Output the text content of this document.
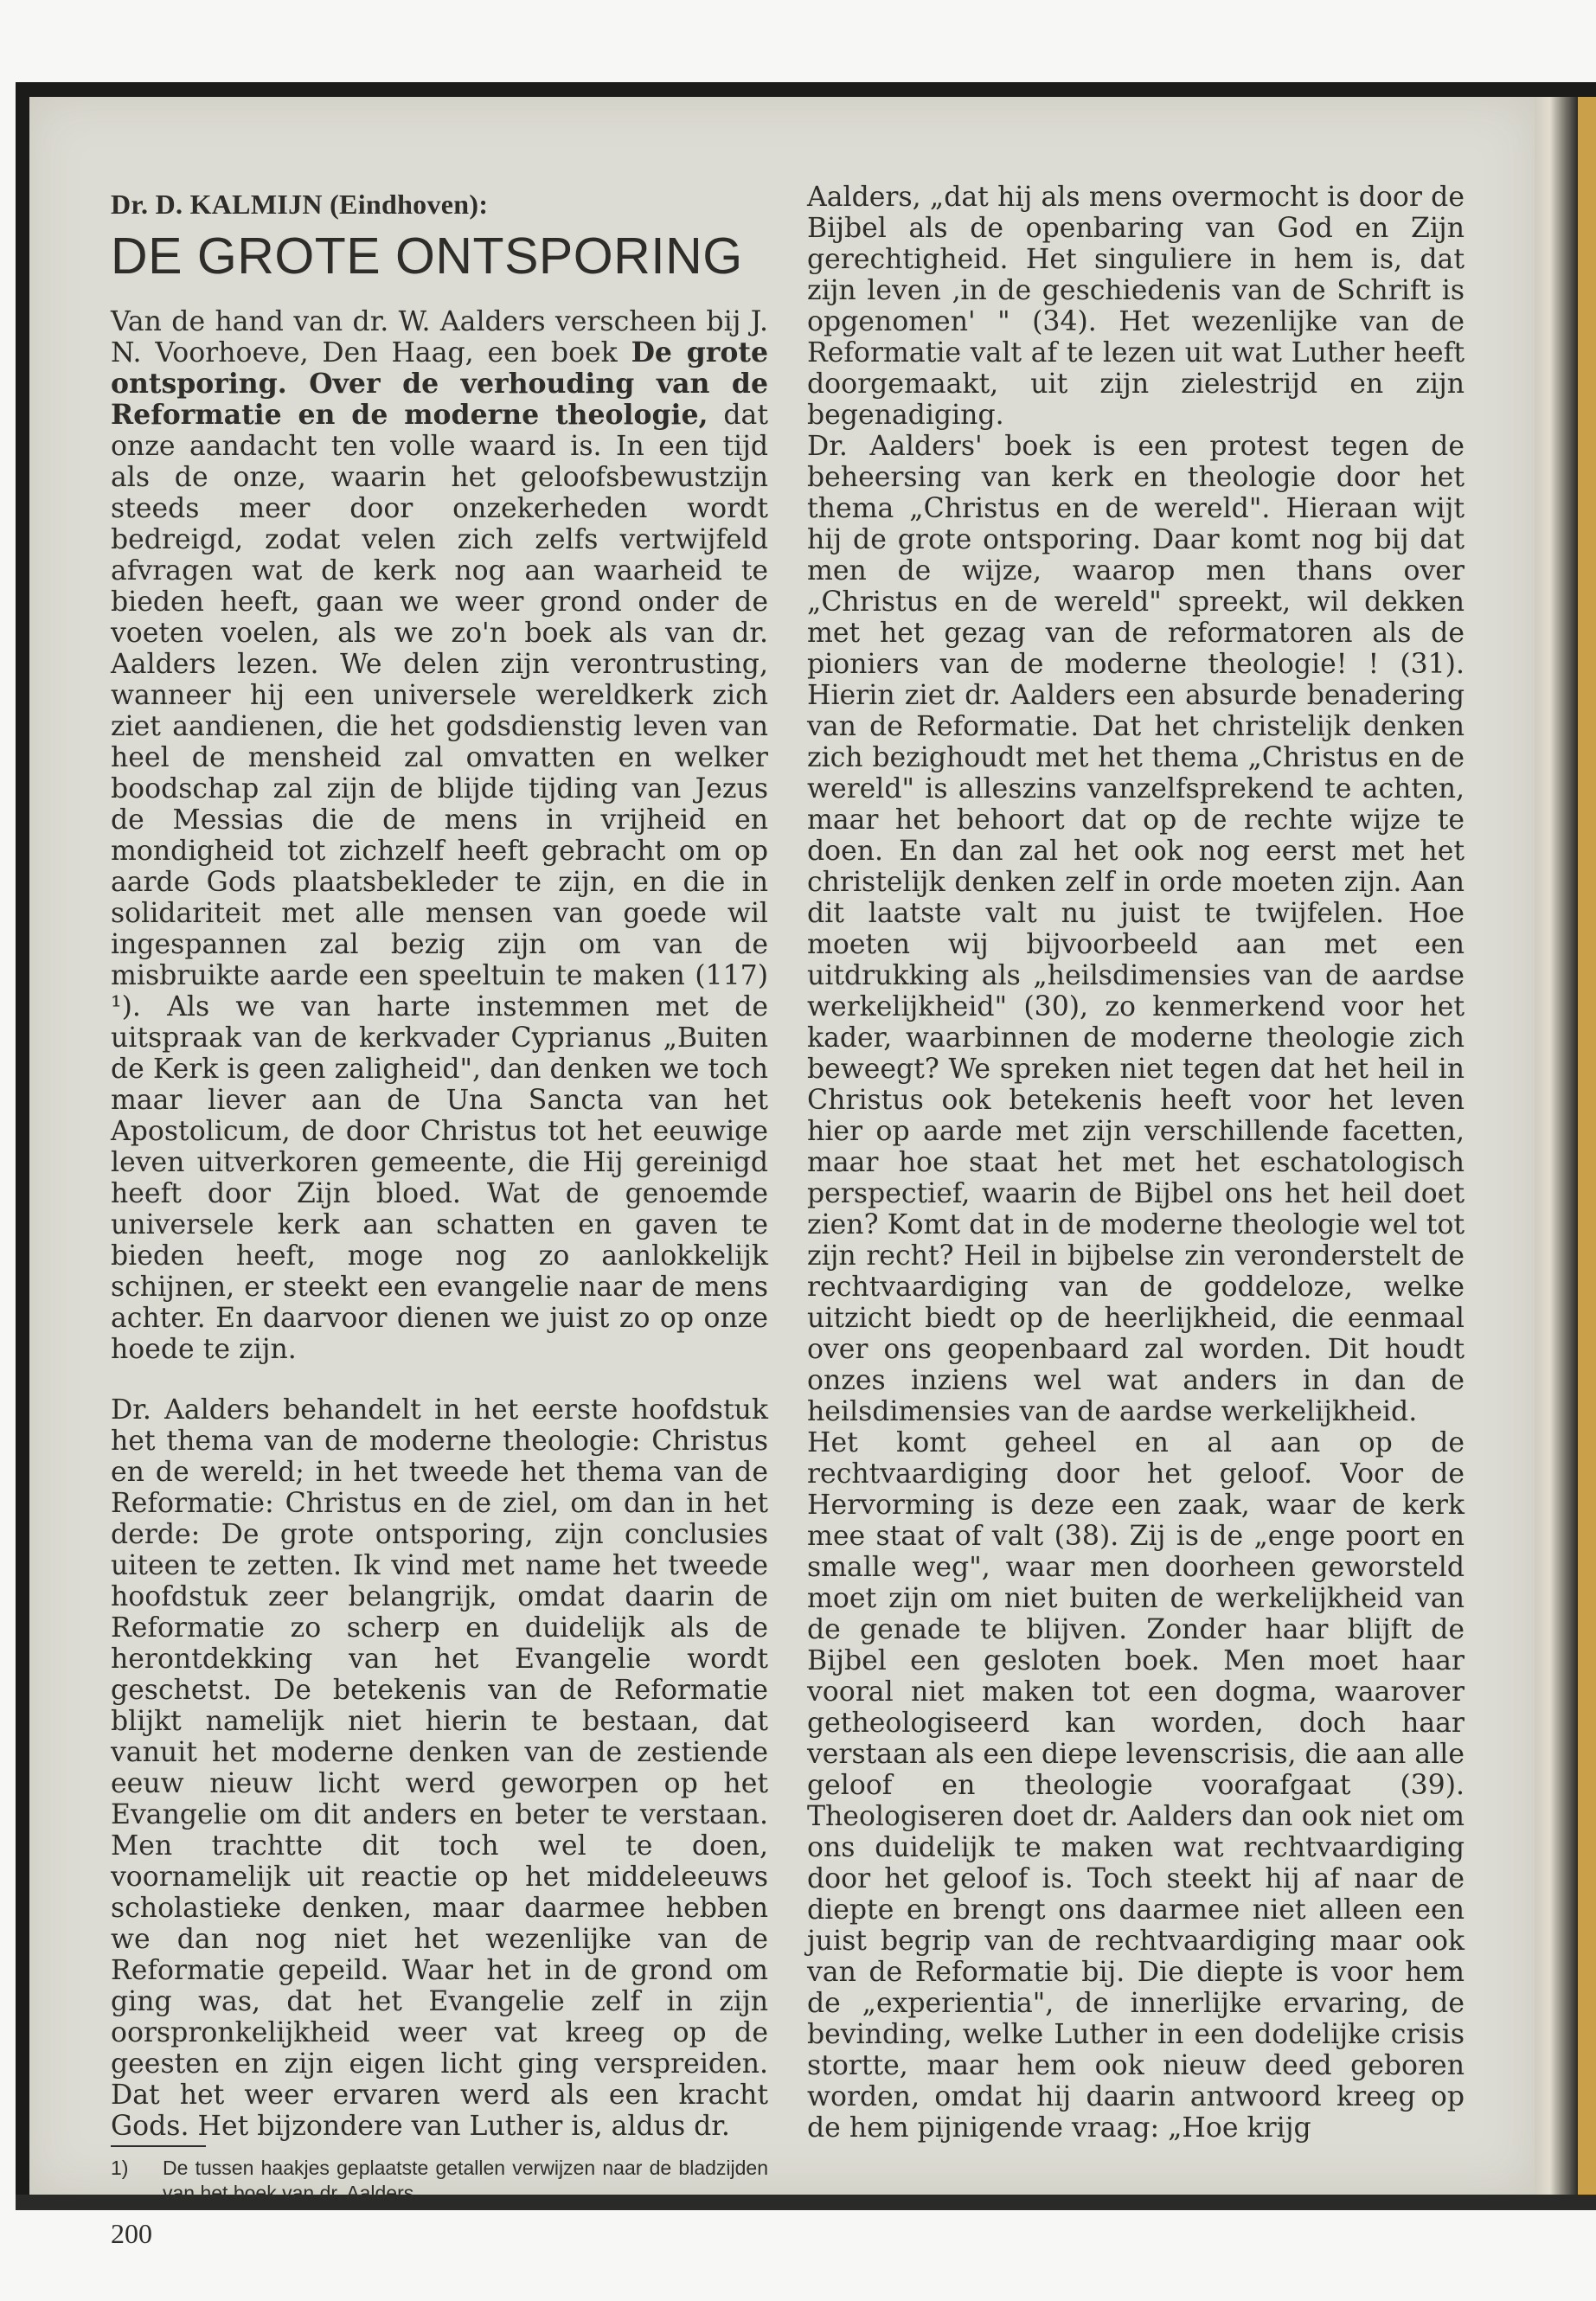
Dr. D. KALMIJN (Eindhoven):
DE GROTE ONTSPORING

Van de hand van dr. W. Aalders verscheen bij J. N. Voorhoeve, Den Haag, een boek De grote ontsporing. Over de verhouding van de Reformatie en de moderne theologie, dat onze aandacht ten volle waard is. In een tijd als de onze, waarin het geloofsbewustzijn steeds meer door onzekerheden wordt bedreigd, zodat velen zich zelfs vertwijfeld afvragen wat de kerk nog aan waarheid te bieden heeft, gaan we weer grond onder de voeten voelen, als we zo'n boek als van dr. Aalders lezen. We delen zijn verontrusting, wanneer hij een universele wereldkerk zich ziet aandienen, die het godsdienstig leven van heel de mensheid zal omvatten en welker boodschap zal zijn de blijde tijding van Jezus de Messias die de mens in vrijheid en mondigheid tot zichzelf heeft gebracht om op aarde Gods plaatsbekleder te zijn, en die in solidariteit met alle mensen van goede wil ingespannen zal bezig zijn om van de misbruikte aarde een speeltuin te maken (117) ¹). Als we van harte instemmen met de uitspraak van de kerkvader Cyprianus „Buiten de Kerk is geen zaligheid", dan denken we toch maar liever aan de Una Sancta van het Apostolicum, de door Christus tot het eeuwige leven uitverkoren gemeente, die Hij gereinigd heeft door Zijn bloed. Wat de genoemde universele kerk aan schatten en gaven te bieden heeft, moge nog zo aanlokkelijk schijnen, er steekt een evangelie naar de mens achter. En daarvoor dienen we juist zo op onze hoede te zijn.

Dr. Aalders behandelt in het eerste hoofdstuk het thema van de moderne theologie: Christus en de wereld; in het tweede het thema van de Reformatie: Christus en de ziel, om dan in het derde: De grote ontsporing, zijn conclusies uiteen te zetten. Ik vind met name het tweede hoofdstuk zeer belangrijk, omdat daarin de Reformatie zo scherp en duidelijk als de herontdekking van het Evangelie wordt geschetst. De betekenis van de Reformatie blijkt namelijk niet hierin te bestaan, dat vanuit het moderne denken van de zestiende eeuw nieuw licht werd geworpen op het Evangelie om dit anders en beter te verstaan. Men trachtte dit toch wel te doen, voornamelijk uit reactie op het middeleeuws scholastieke denken, maar daarmee hebben we dan nog niet het wezenlijke van de Reformatie gepeild. Waar het in de grond om ging was, dat het Evangelie zelf in zijn oorspronkelijkheid weer vat kreeg op de geesten en zijn eigen licht ging verspreiden. Dat het weer ervaren werd als een kracht Gods. Het bijzondere van Luther is, aldus dr.

1) De tussen haakjes geplaatste getallen verwijzen naar de bladzijden van het boek van dr. Aalders.
200

Aalders, „dat hij als mens overmocht is door de Bijbel als de openbaring van God en Zijn gerechtigheid. Het singuliere in hem is, dat zijn leven ‚in de geschiedenis van de Schrift is opgenomen' " (34). Het wezenlijke van de Reformatie valt af te lezen uit wat Luther heeft doorgemaakt, uit zijn zielestrijd en zijn begenadiging.

Dr. Aalders' boek is een protest tegen de beheersing van kerk en theologie door het thema „Christus en de wereld". Hieraan wijt hij de grote ontsporing. Daar komt nog bij dat men de wijze, waarop men thans over „Christus en de wereld" spreekt, wil dekken met het gezag van de reformatoren als de pioniers van de moderne theologie! ! (31). Hierin ziet dr. Aalders een absurde benadering van de Reformatie. Dat het christelijk denken zich bezighoudt met het thema „Christus en de wereld" is alleszins vanzelfsprekend te achten, maar het behoort dat op de rechte wijze te doen. En dan zal het ook nog eerst met het christelijk denken zelf in orde moeten zijn. Aan dit laatste valt nu juist te twijfelen. Hoe moeten wij bijvoorbeeld aan met een uitdrukking als „heilsdimensies van de aardse werkelijkheid" (30), zo kenmerkend voor het kader, waarbinnen de moderne theologie zich beweegt? We spreken niet tegen dat het heil in Christus ook betekenis heeft voor het leven hier op aarde met zijn verschillende facetten, maar hoe staat het met het eschatologisch perspectief, waarin de Bijbel ons het heil doet zien? Komt dat in de moderne theologie wel tot zijn recht? Heil in bijbelse zin veronderstelt de rechtvaardiging van de goddeloze, welke uitzicht biedt op de heerlijkheid, die eenmaal over ons geopenbaard zal worden. Dit houdt onzes inziens wel wat anders in dan de heilsdimensies van de aardse werkelijkheid.

Het komt geheel en al aan op de rechtvaardiging door het geloof. Voor de Hervorming is deze een zaak, waar de kerk mee staat of valt (38). Zij is de „enge poort en smalle weg", waar men doorheen geworsteld moet zijn om niet buiten de werkelijkheid van de genade te blijven. Zonder haar blijft de Bijbel een gesloten boek. Men moet haar vooral niet maken tot een dogma, waarover getheologiseerd kan worden, doch haar verstaan als een diepe levenscrisis, die aan alle geloof en theologie voorafgaat (39). Theologiseren doet dr. Aalders dan ook niet om ons duidelijk te maken wat rechtvaardiging door het geloof is. Toch steekt hij af naar de diepte en brengt ons daarmee niet alleen een juist begrip van de rechtvaardiging maar ook van de Reformatie bij. Die diepte is voor hem de „experientia", de innerlijke ervaring, de bevinding, welke Luther in een dodelijke crisis stortte, maar hem ook nieuw deed geboren worden, omdat hij daarin antwoord kreeg op de hem pijnigende vraag: „Hoe krijg
